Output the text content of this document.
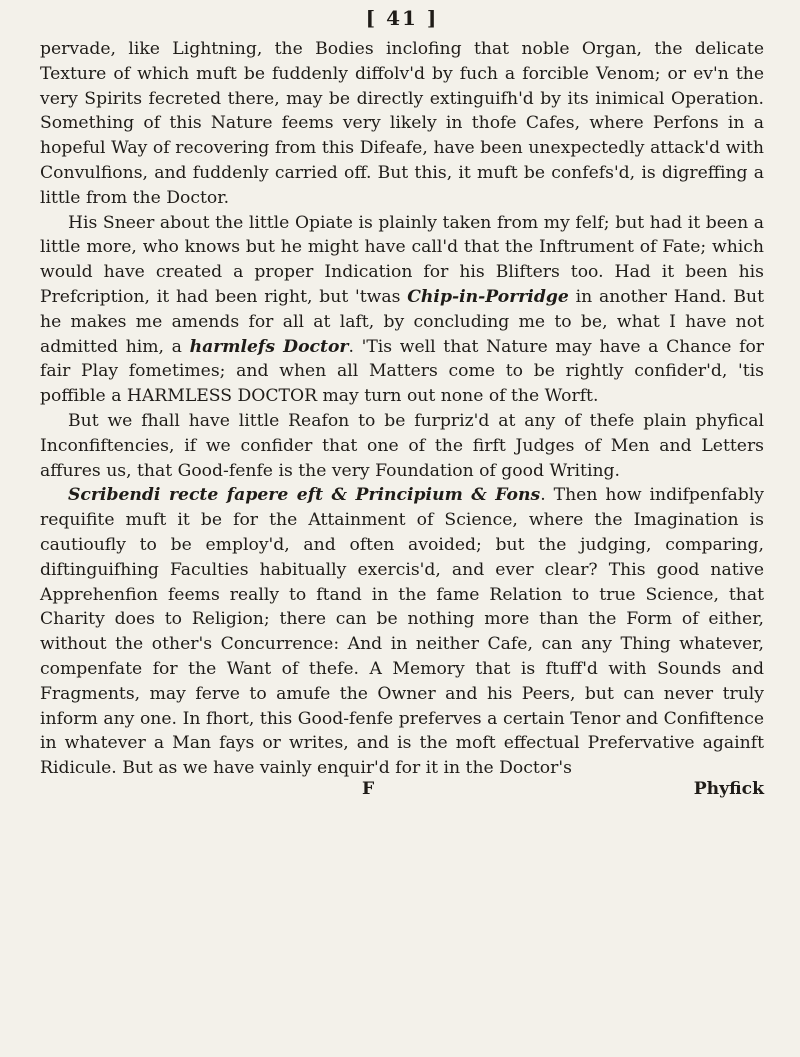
[ 41 ]

pervade, like Lightning, the Bodies inclofing that noble Organ, the delicate Texture of which muft be fuddenly diffolv'd by fuch a forcible Venom; or ev'n the very Spirits fecreted there, may be directly extinguifh'd by its inimical Operation. Something of this Nature feems very likely in thofe Cafes, where Perfons in a hopeful Way of recovering from this Difeafe, have been unexpectedly attack'd with Convulfions, and fuddenly carried off. But this, it muft be confefs'd, is digreffing a little from the Doctor.

His Sneer about the little Opiate is plainly taken from my felf; but had it been a little more, who knows but he might have call'd that the Inftrument of Fate; which would have created a proper Indication for his Blifters too. Had it been his Prefcription, it had been right, but 'twas Chip-in-Porridge in another Hand. But he makes me amends for all at laft, by concluding me to be, what I have not admitted him, a harmlefs Doctor. 'Tis well that Nature may have a Chance for fair Play fometimes; and when all Matters come to be rightly confider'd, 'tis poffible a HARMLESS DOCTOR may turn out none of the Worft.

But we fhall have little Reafon to be furpriz'd at any of thefe plain phyfical Inconfiftencies, if we confider that one of the firft Judges of Men and Letters affures us, that Good-fenfe is the very Foundation of good Writing.

Scribendi recte fapere eft & Principium & Fons. Then how indifpenfably requifite muft it be for the Attainment of Science, where the Imagination is cautioufly to be employ'd, and often avoided; but the judging, comparing, diftinguifhing Faculties habitually exercis'd, and ever clear? This good native Apprehenfion feems really to ftand in the fame Relation to true Science, that Charity does to Religion; there can be nothing more than the Form of either, without the other's Concurrence: And in neither Cafe, can any Thing whatever, compenfate for the Want of thefe. A Memory that is ftuff'd with Sounds and Fragments, may ferve to amufe the Owner and his Peers, but can never truly inform any one. In fhort, this Good-fenfe preferves a certain Tenor and Confiftence in whatever a Man fays or writes, and is the moft effectual Prefervative againft Ridicule. But as we have vainly enquir'd for it in the Doctor's

F	Phyfick
